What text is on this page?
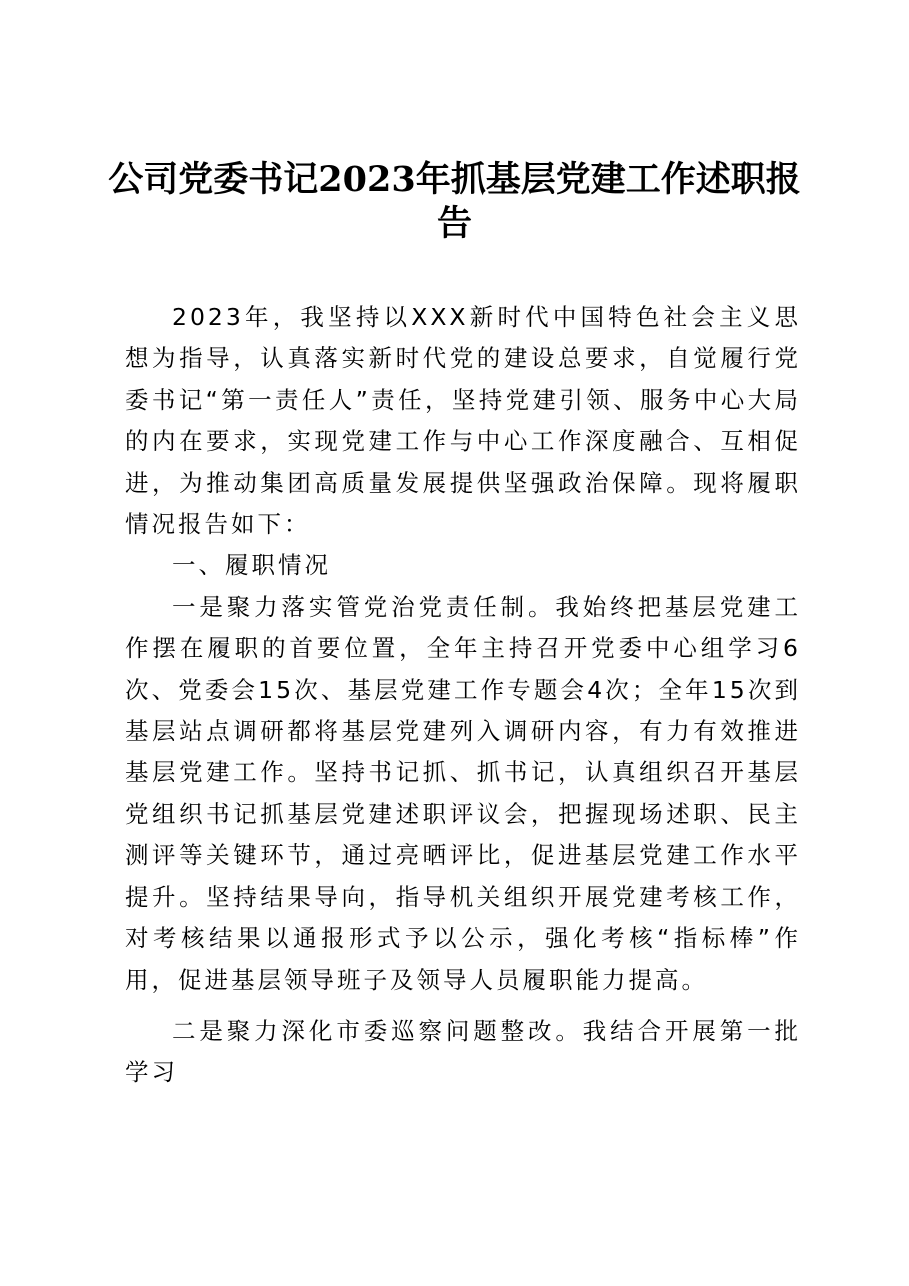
公司党委书记2023年抓基层党建工作述职报
告

2023年，我坚持以XXX新时代中国特色社会主义思想为指导，认真落实新时代党的建设总要求，自觉履行党委书记“第一责任人”责任，坚持党建引领、服务中心大局的内在要求，实现党建工作与中心工作深度融合、互相促进，为推动集团高质量发展提供坚强政治保障。现将履职情况报告如下：

一、履职情况

一是聚力落实管党治党责任制。我始终把基层党建工作摆在履职的首要位置，全年主持召开党委中心组学习6次、党委会15次、基层党建工作专题会4次；全年15次到基层站点调研都将基层党建列入调研内容，有力有效推进基层党建工作。坚持书记抓、抓书记，认真组织召开基层党组织书记抓基层党建述职评议会，把握现场述职、民主测评等关键环节，通过亮晒评比，促进基层党建工作水平提升。坚持结果导向，指导机关组织开展党建考核工作，对考核结果以通报形式予以公示，强化考核“指标棒”作用，促进基层领导班子及领导人员履职能力提高。

二是聚力深化市委巡察问题整改。我结合开展第一批学习
